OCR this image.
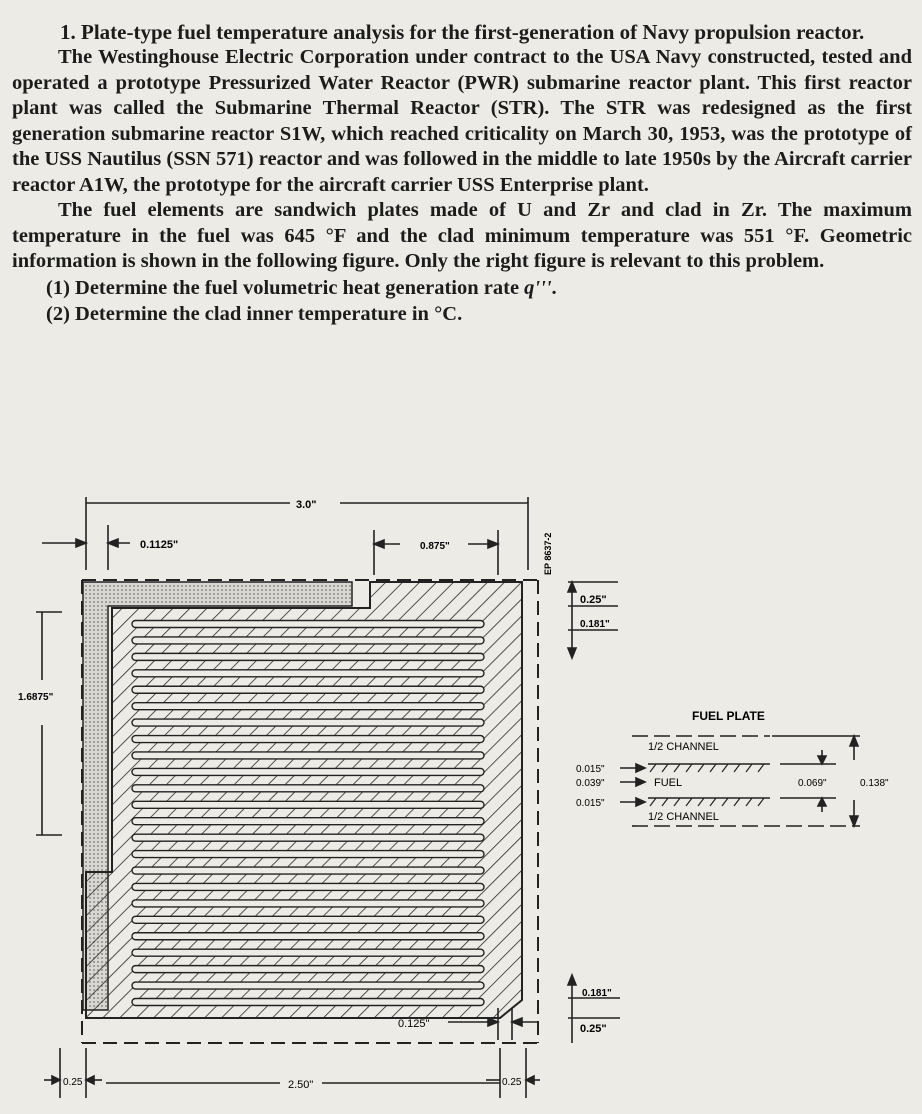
1. Plate-type fuel temperature analysis for the first-generation of Navy propulsion reactor.

The Westinghouse Electric Corporation under contract to the USA Navy constructed, tested and operated a prototype Pressurized Water Reactor (PWR) submarine reactor plant. This first reactor plant was called the Submarine Thermal Reactor (STR). The STR was redesigned as the first generation submarine reactor S1W, which reached criticality on March 30, 1953, was the prototype of the USS Nautilus (SSN 571) reactor and was followed in the middle to late 1950s by the Aircraft carrier reactor A1W, the prototype for the aircraft carrier USS Enterprise plant.

The fuel elements are sandwich plates made of U and Zr and clad in Zr. The maximum temperature in the fuel was 645 °F and the clad minimum temperature was 551 °F. Geometric information is shown in the following figure. Only the right figure is relevant to this problem.

(1) Determine the fuel volumetric heat generation rate q'''.

(2) Determine the clad inner temperature in °C.

3.0"
0.1125"	0.875"	EP 8637-2
1.6875"
0.25"
0.181"
0.181"
0.25"
0.125"
0.25	2.50"	0.25
FUEL PLATE
1/2 CHANNEL
FUEL
1/2 CHANNEL
0.015"
0.039"
0.015"
0.069"	0.138"
